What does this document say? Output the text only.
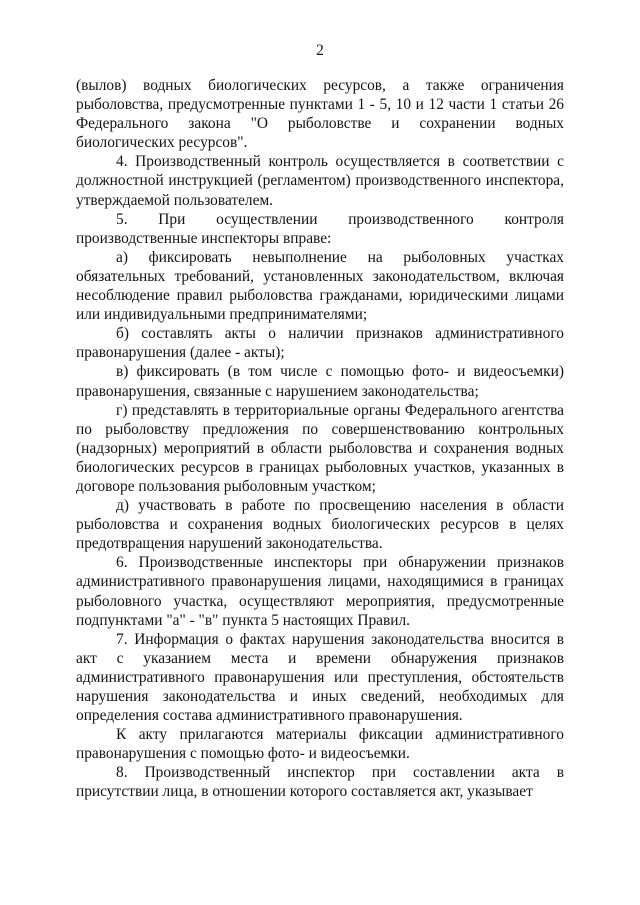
2

(вылов) водных биологических ресурсов, а также ограничения рыболовства, предусмотренные пунктами 1 - 5, 10 и 12 части 1 статьи 26 Федерального закона "О рыболовстве и сохранении водных биологических ресурсов".

4. Производственный контроль осуществляется в соответствии с должностной инструкцией (регламентом) производственного инспектора, утверждаемой пользователем.

5. При осуществлении производственного контроля производственные инспекторы вправе:

а) фиксировать невыполнение на рыболовных участках обязательных требований, установленных законодательством, включая несоблюдение правил рыболовства гражданами, юридическими лицами или индивидуальными предпринимателями;

б) составлять акты о наличии признаков административного правонарушения (далее - акты);

в) фиксировать (в том числе с помощью фото- и видеосъемки) правонарушения, связанные с нарушением законодательства;

г) представлять в территориальные органы Федерального агентства по рыболовству предложения по совершенствованию контрольных (надзорных) мероприятий в области рыболовства и сохранения водных биологических ресурсов в границах рыболовных участков, указанных в договоре пользования рыболовным участком;

д) участвовать в работе по просвещению населения в области рыболовства и сохранения водных биологических ресурсов в целях предотвращения нарушений законодательства.

6. Производственные инспекторы при обнаружении признаков административного правонарушения лицами, находящимися в границах рыболовного участка, осуществляют мероприятия, предусмотренные подпунктами "а" - "в" пункта 5 настоящих Правил.

7. Информация о фактах нарушения законодательства вносится в акт с указанием места и времени обнаружения признаков административного правонарушения или преступления, обстоятельств нарушения законодательства и иных сведений, необходимых для определения состава административного правонарушения.

К акту прилагаются материалы фиксации административного правонарушения с помощью фото- и видеосъемки.

8. Производственный инспектор при составлении акта в присутствии лица, в отношении которого составляется акт, указывает
